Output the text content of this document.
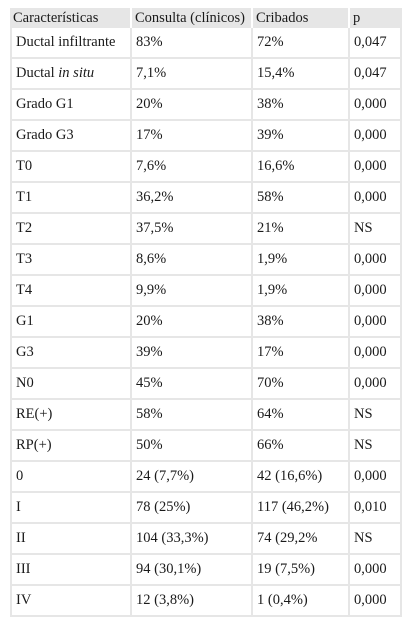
Características	Consulta (clínicos)	Cribados	p
Ductal infiltrante	83%	72%	0,047
Ductal in situ	7,1%	15,4%	0,047
Grado G1	20%	38%	0,000
Grado G3	17%	39%	0,000
T0	7,6%	16,6%	0,000
T1	36,2%	58%	0,000
T2	37,5%	21%	NS
T3	8,6%	1,9%	0,000
T4	9,9%	1,9%	0,000
G1	20%	38%	0,000
G3	39%	17%	0,000
N0	45%	70%	0,000
RE(+)	58%	64%	NS
RP(+)	50%	66%	NS
0	24 (7,7%)	42 (16,6%)	0,000
I	78 (25%)	117 (46,2%)	0,010
II	104 (33,3%)	74 (29,2%	NS
III	94 (30,1%)	19 (7,5%)	0,000
IV	12 (3,8%)	1 (0,4%)	0,000
